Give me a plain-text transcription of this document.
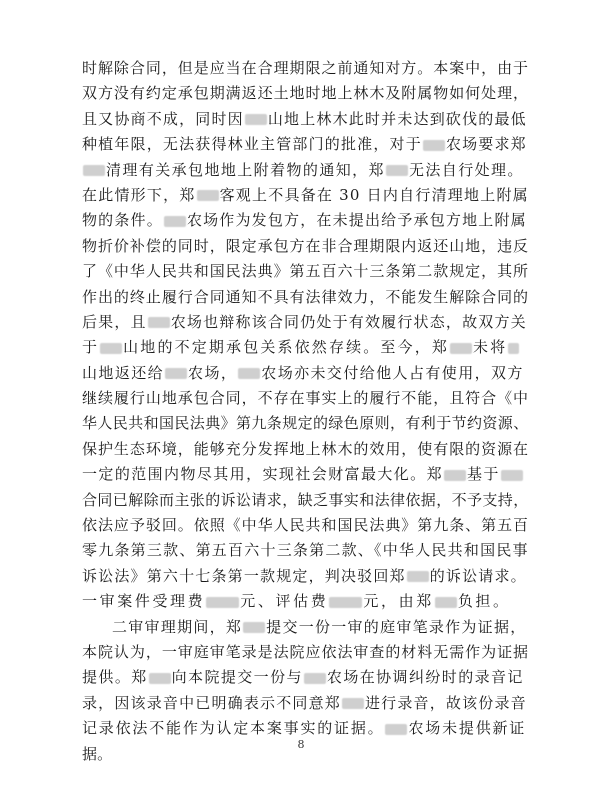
时解除合同，但是应当在合理期限之前通知对方。本案中，由于
双方没有约定承包期满返还土地时地上林木及附属物如何处理，
且又协商不成，同时因 山地上林木此时并未达到砍伐的最低
种植年限，无法获得林业主管部门的批准，对于 农场要求郑
清理有关承包地地上附着物的通知，郑 无法自行处理。
在此情形下，郑 客观上不具备在 30 日内自行清理地上附属
物的条件。 农场作为发包方，在未提出给予承包方地上附属
物折价补偿的同时，限定承包方在非合理期限内返还山地，违反
了《中华人民共和国民法典》第五百六十三条第二款规定，其所
作出的终止履行合同通知不具有法律效力，不能发生解除合同的
后果，且 农场也辩称该合同仍处于有效履行状态，故双方关
于 山地的不定期承包关系依然存续。至今，郑 未将
山地返还给 农场， 农场亦未交付给他人占有使用，双方
继续履行山地承包合同，不存在事实上的履行不能，且符合《中
华人民共和国民法典》第九条规定的绿色原则，有利于节约资源、
保护生态环境，能够充分发挥地上林木的效用，使有限的资源在
一定的范围内物尽其用，实现社会财富最大化。郑 基于
合同已解除而主张的诉讼请求，缺乏事实和法律依据，不予支持，
依法应予驳回。依照《中华人民共和国民法典》第九条、第五百
零九条第三款、第五百六十三条第二款、《中华人民共和国民事
诉讼法》第六十七条第一款规定，判决驳回郑 的诉讼请求。
一审案件受理费 元、评估费 元，由郑 负担。
二审审理期间，郑 提交一份一审的庭审笔录作为证据，
本院认为，一审庭审笔录是法院应依法审查的材料无需作为证据
提供。郑 向本院提交一份与 农场在协调纠纷时的录音记
录，因该录音中已明确表示不同意郑 进行录音，故该份录音
记录依法不能作为认定本案事实的证据。 农场未提供新证
据。
8
